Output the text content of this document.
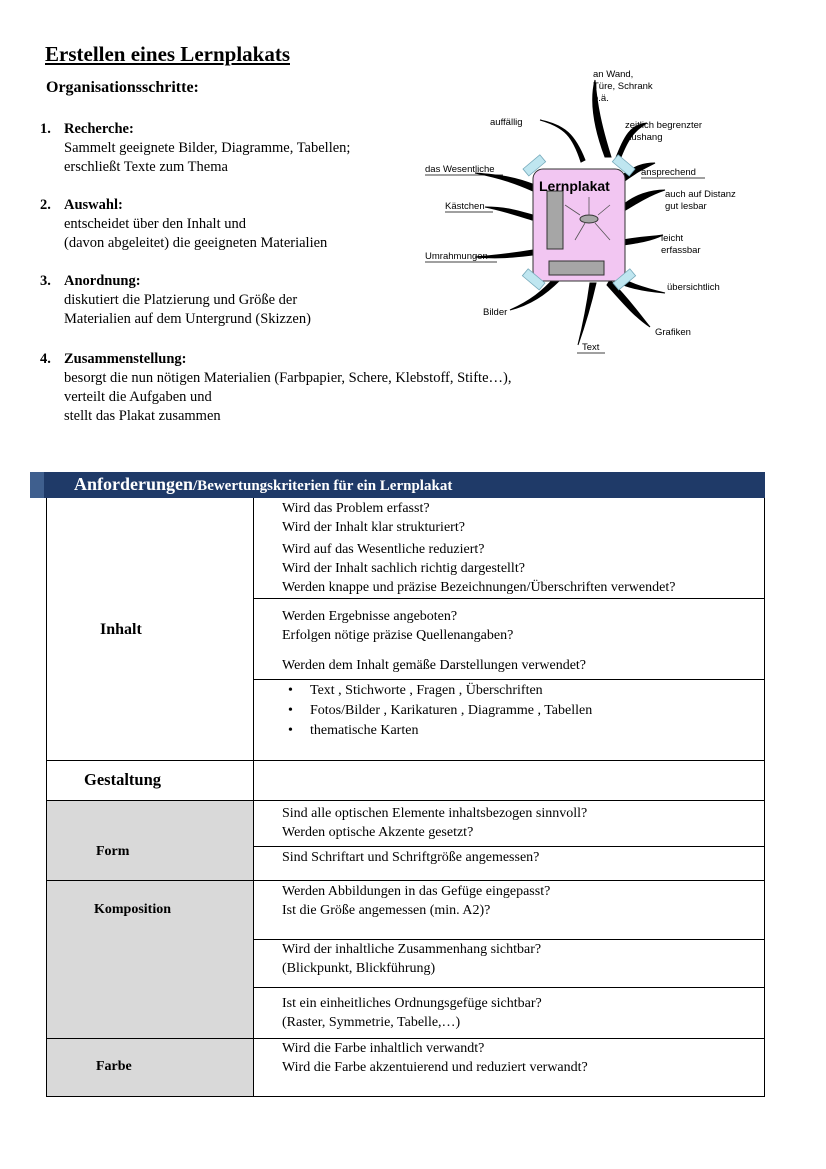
Erstellen eines Lernplakats
Organisationsschritte:
1. Recherche:
Sammelt geeignete Bilder, Diagramme, Tabellen;
erschließt Texte zum Thema
2. Auswahl:
entscheidet über den Inhalt und
(davon abgeleitet) die geeigneten Materialien
3. Anordnung:
diskutiert die Platzierung und Größe der
Materialien auf dem Untergrund (Skizzen)
4. Zusammenstellung:
besorgt die nun nötigen Materialien (Farbpapier, Schere, Klebstoff, Stifte…),
verteilt die Aufgaben und
stellt das Plakat zusammen
Lernplakat
an Wand,
Türe, Schrank
o.ä.
auffällig	zeitlich begrenzter
Aushang
das Wesentliche	ansprechend
auch auf Distanz
gut lesbar
Kästchen
leicht
erfassbar
Umrahmungen
übersichtlich
Bilder
Grafiken
Text
Anforderungen/Bewertungskriterien für ein Lernplakat
Inhalt
Wird das Problem erfasst?
Wird der Inhalt klar strukturiert?
Wird auf das Wesentliche reduziert?
Wird der Inhalt sachlich richtig dargestellt?
Werden knappe und präzise Bezeichnungen/Überschriften verwendet?
Werden Ergebnisse angeboten?
Erfolgen nötige präzise Quellenangaben?
Werden dem Inhalt gemäße Darstellungen verwendet?
• Text , Stichworte , Fragen , Überschriften
• Fotos/Bilder , Karikaturen , Diagramme , Tabellen
• thematische Karten
Gestaltung
Form
Sind alle optischen Elemente inhaltsbezogen sinnvoll?
Werden optische Akzente gesetzt?
Sind Schriftart und Schriftgröße angemessen?
Komposition
Werden Abbildungen in das Gefüge eingepasst?
Ist die Größe angemessen (min. A2)?
Wird der inhaltliche Zusammenhang sichtbar?
(Blickpunkt, Blickführung)
Ist ein einheitliches Ordnungsgefüge sichtbar?
(Raster, Symmetrie, Tabelle,…)
Farbe
Wird die Farbe inhaltlich verwandt?
Wird die Farbe akzentuierend und reduziert verwandt?
